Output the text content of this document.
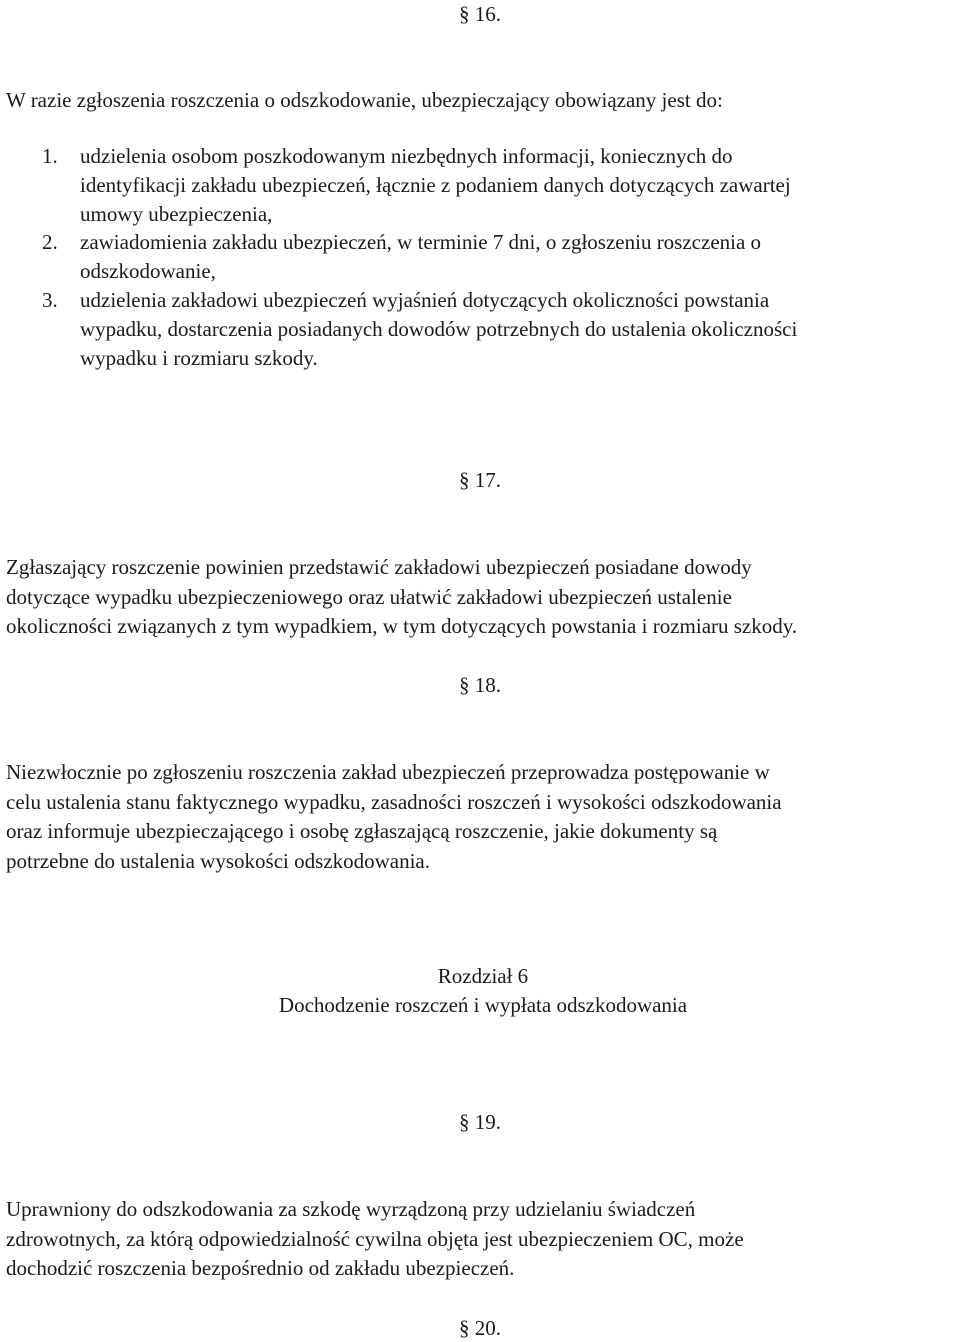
§ 16.

W razie zgłoszenia roszczenia o odszkodowanie, ubezpieczający obowiązany jest do:

1. udzielenia osobom poszkodowanym niezbędnych informacji, koniecznych do
identyfikacji zakładu ubezpieczeń, łącznie z podaniem danych dotyczących zawartej
umowy ubezpieczenia,
2. zawiadomienia zakładu ubezpieczeń, w terminie 7 dni, o zgłoszeniu roszczenia o
odszkodowanie,
3. udzielenia zakładowi ubezpieczeń wyjaśnień dotyczących okoliczności powstania
wypadku, dostarczenia posiadanych dowodów potrzebnych do ustalenia okoliczności
wypadku i rozmiaru szkody.
§ 17.

Zgłaszający roszczenie powinien przedstawić zakładowi ubezpieczeń posiadane dowody
dotyczące wypadku ubezpieczeniowego oraz ułatwić zakładowi ubezpieczeń ustalenie
okoliczności związanych z tym wypadkiem, w tym dotyczących powstania i rozmiaru szkody.

§ 18.

Niezwłocznie po zgłoszeniu roszczenia zakład ubezpieczeń przeprowadza postępowanie w
celu ustalenia stanu faktycznego wypadku, zasadności roszczeń i wysokości odszkodowania
oraz informuje ubezpieczającego i osobę zgłaszającą roszczenie, jakie dokumenty są
potrzebne do ustalenia wysokości odszkodowania.

Rozdział 6
Dochodzenie roszczeń i wypłata odszkodowania
§ 19.

Uprawniony do odszkodowania za szkodę wyrządzoną przy udzielaniu świadczeń
zdrowotnych, za którą odpowiedzialność cywilna objęta jest ubezpieczeniem OC, może
dochodzić roszczenia bezpośrednio od zakładu ubezpieczeń.

§ 20.
